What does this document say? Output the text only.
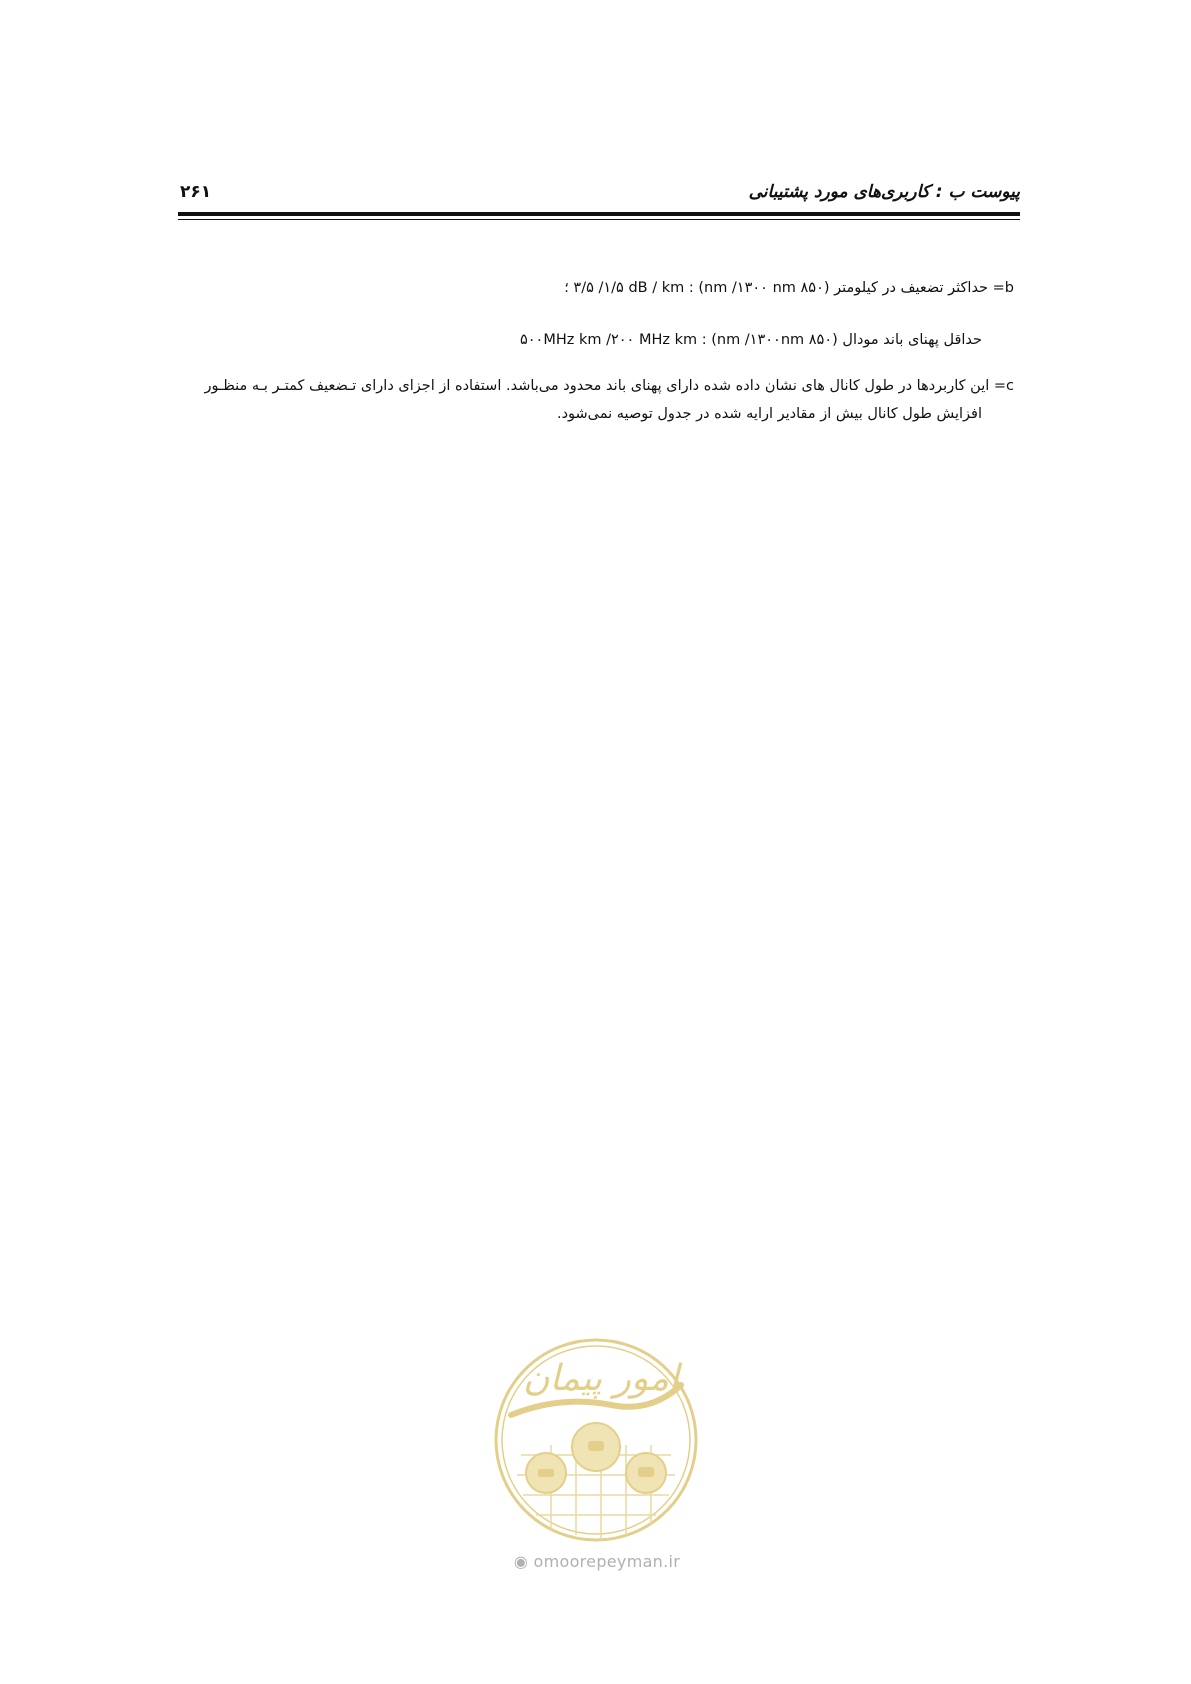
پیوست ب : کاربری‌های مورد پشتیبانی
۲۶۱
b= حداکثر تضعیف در کیلومتر (۸۵۰ nm /۱۳۰۰ nm) : ۳/۵ /۱/۵ dB / km ؛
حداقل پهنای باند مودال (۸۵۰ nm /۱۳۰۰nm) : ۵۰۰MHz km /۲۰۰ MHz km
c= این کاربردها در طول کانال های نشان داده شده دارای پهنای باند محدود می‌باشد. استفاده از اجزای دارای تـضعیف کمتـر بـه منظـور
افزایش طول کانال بیش از مقادیر ارایه شده در جدول توصیه نمی‌شود.
امور پیمان
◉ omoorepeyman.ir
